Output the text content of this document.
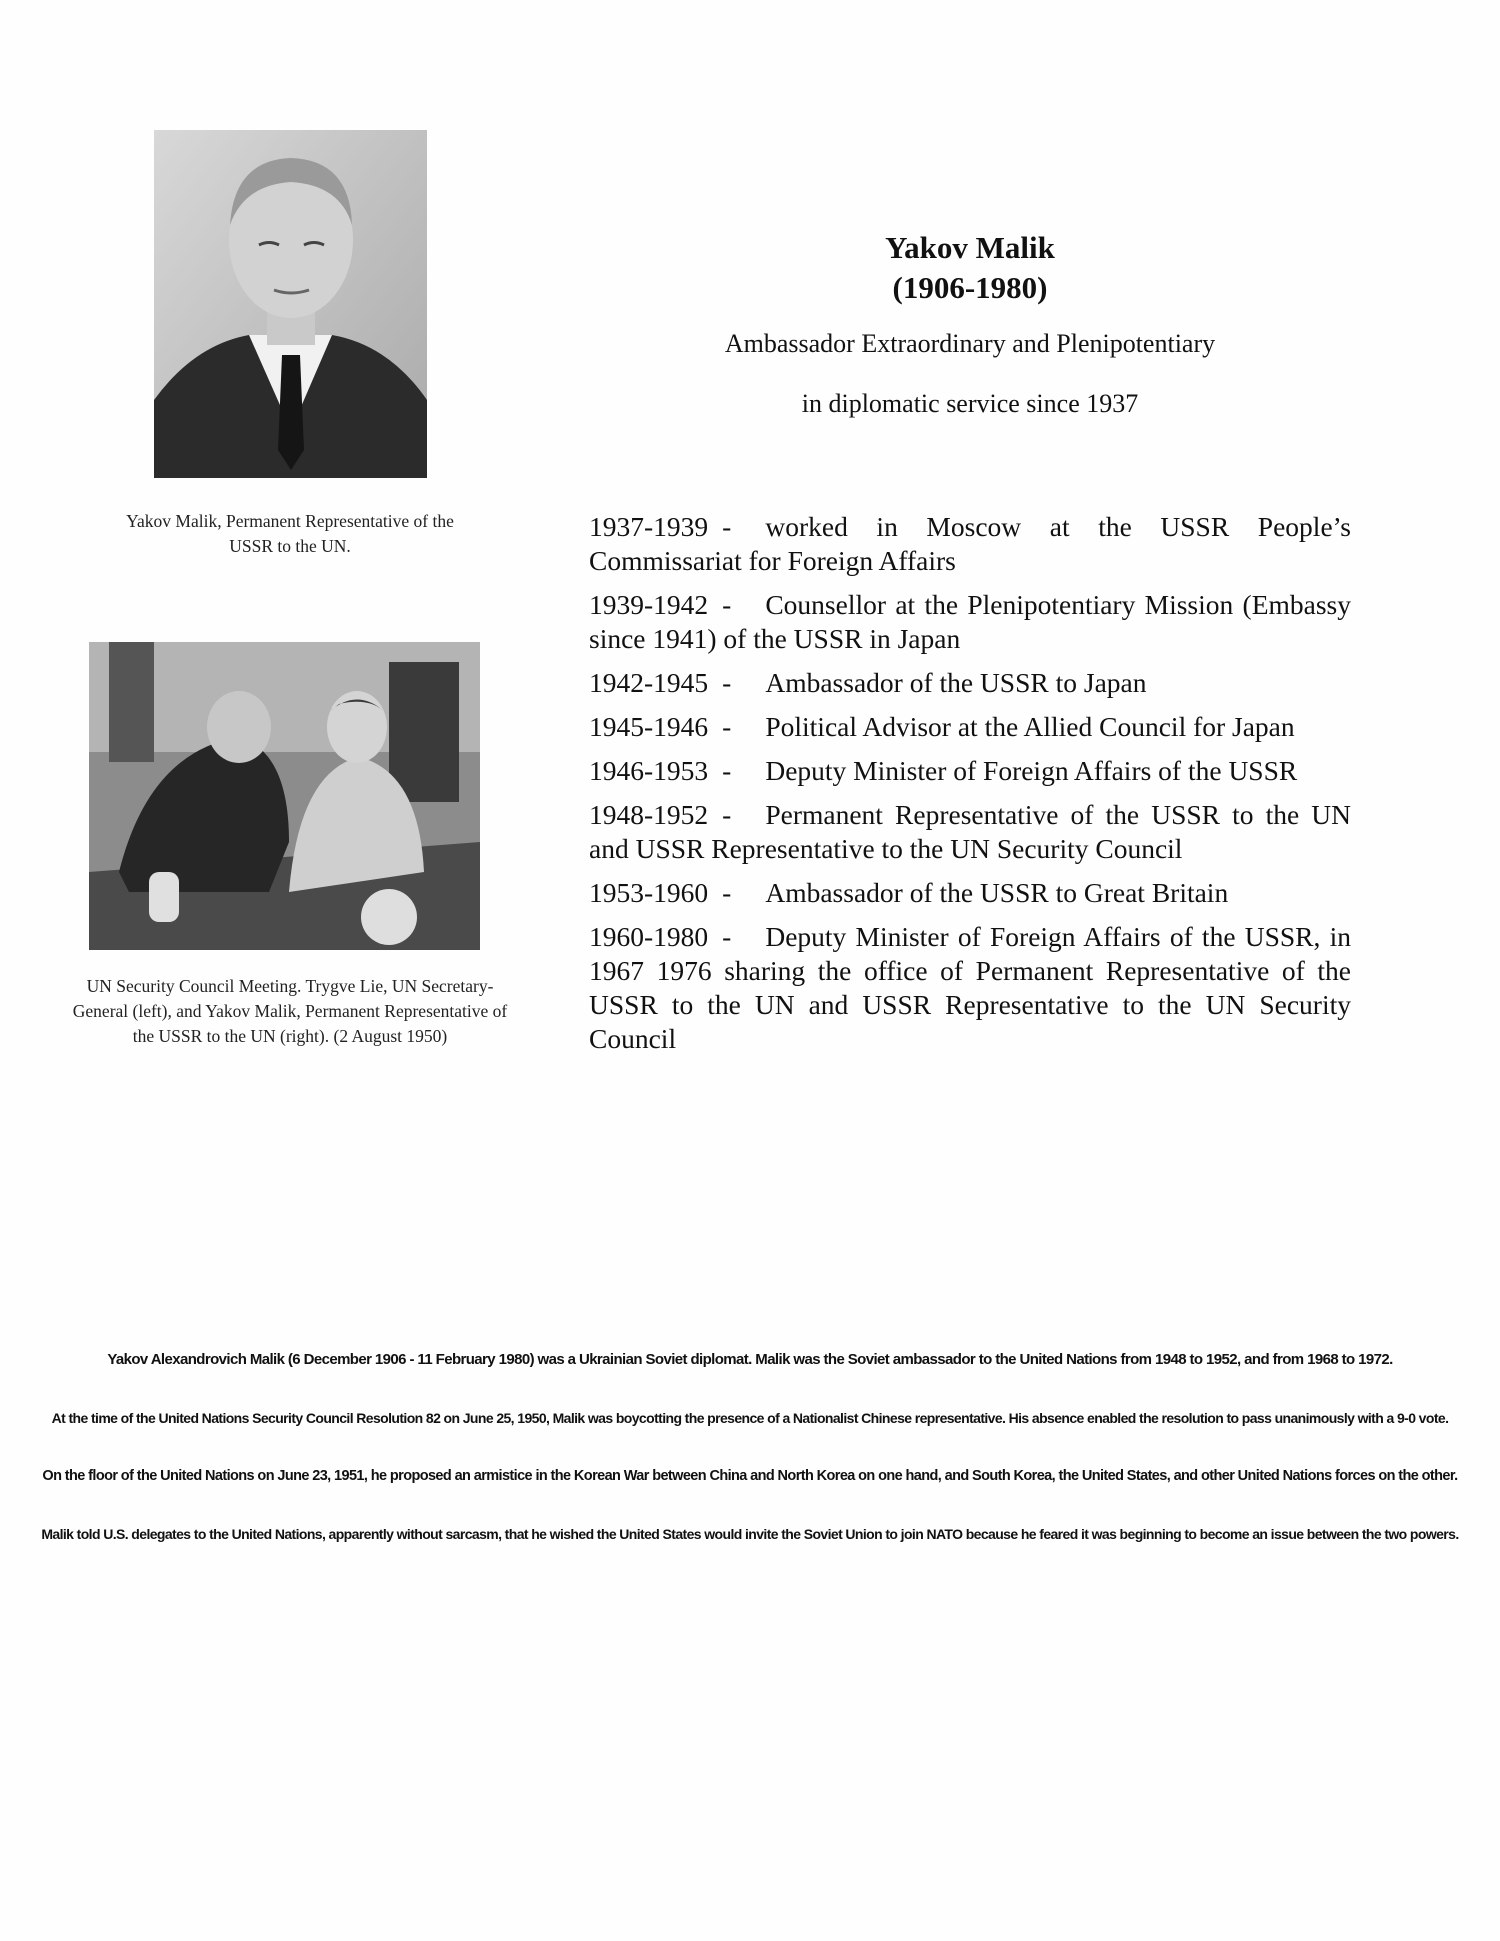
Yakov Malik, Permanent Representative of the USSR to the UN.
UN Security Council Meeting. Trygve Lie, UN Secretary-General (left), and Yakov Malik, Permanent Representative of the USSR to the UN (right). (2 August 1950)
Yakov Malik
(1906-1980)
Ambassador Extraordinary and Plenipotentiary
in diplomatic service since 1937
1937-1939 - worked in Moscow at the USSR People’s Commissariat for Foreign Affairs
1939-1942 - Counsellor at the Plenipotentiary Mission (Embassy since 1941) of the USSR in Japan
1942-1945 - Ambassador of the USSR to Japan
1945-1946 - Political Advisor at the Allied Council for Japan
1946-1953 - Deputy Minister of Foreign Affairs of the USSR
1948-1952 - Permanent Representative of the USSR to the UN and USSR Representative to the UN Security Council
1953-1960 - Ambassador of the USSR to Great Britain
1960-1980 - Deputy Minister of Foreign Affairs of the USSR, in 1967 1976 sharing the office of Permanent Representative of the USSR to the UN and USSR Representative to the UN Security Council
Yakov Alexandrovich Malik (6 December 1906 - 11 February 1980) was a Ukrainian Soviet diplomat. Malik was the Soviet ambassador to the United Nations from 1948 to 1952, and from 1968 to 1972.
At the time of the United Nations Security Council Resolution 82 on June 25, 1950, Malik was boycotting the presence of a Nationalist Chinese representative. His absence enabled the resolution to pass unanimously with a 9-0 vote.
On the floor of the United Nations on June 23, 1951, he proposed an armistice in the Korean War between China and North Korea on one hand, and South Korea, the United States, and other United Nations forces on the other.
Malik told U.S. delegates to the United Nations, apparently without sarcasm, that he wished the United States would invite the Soviet Union to join NATO because he feared it was beginning to become an issue between the two powers.
